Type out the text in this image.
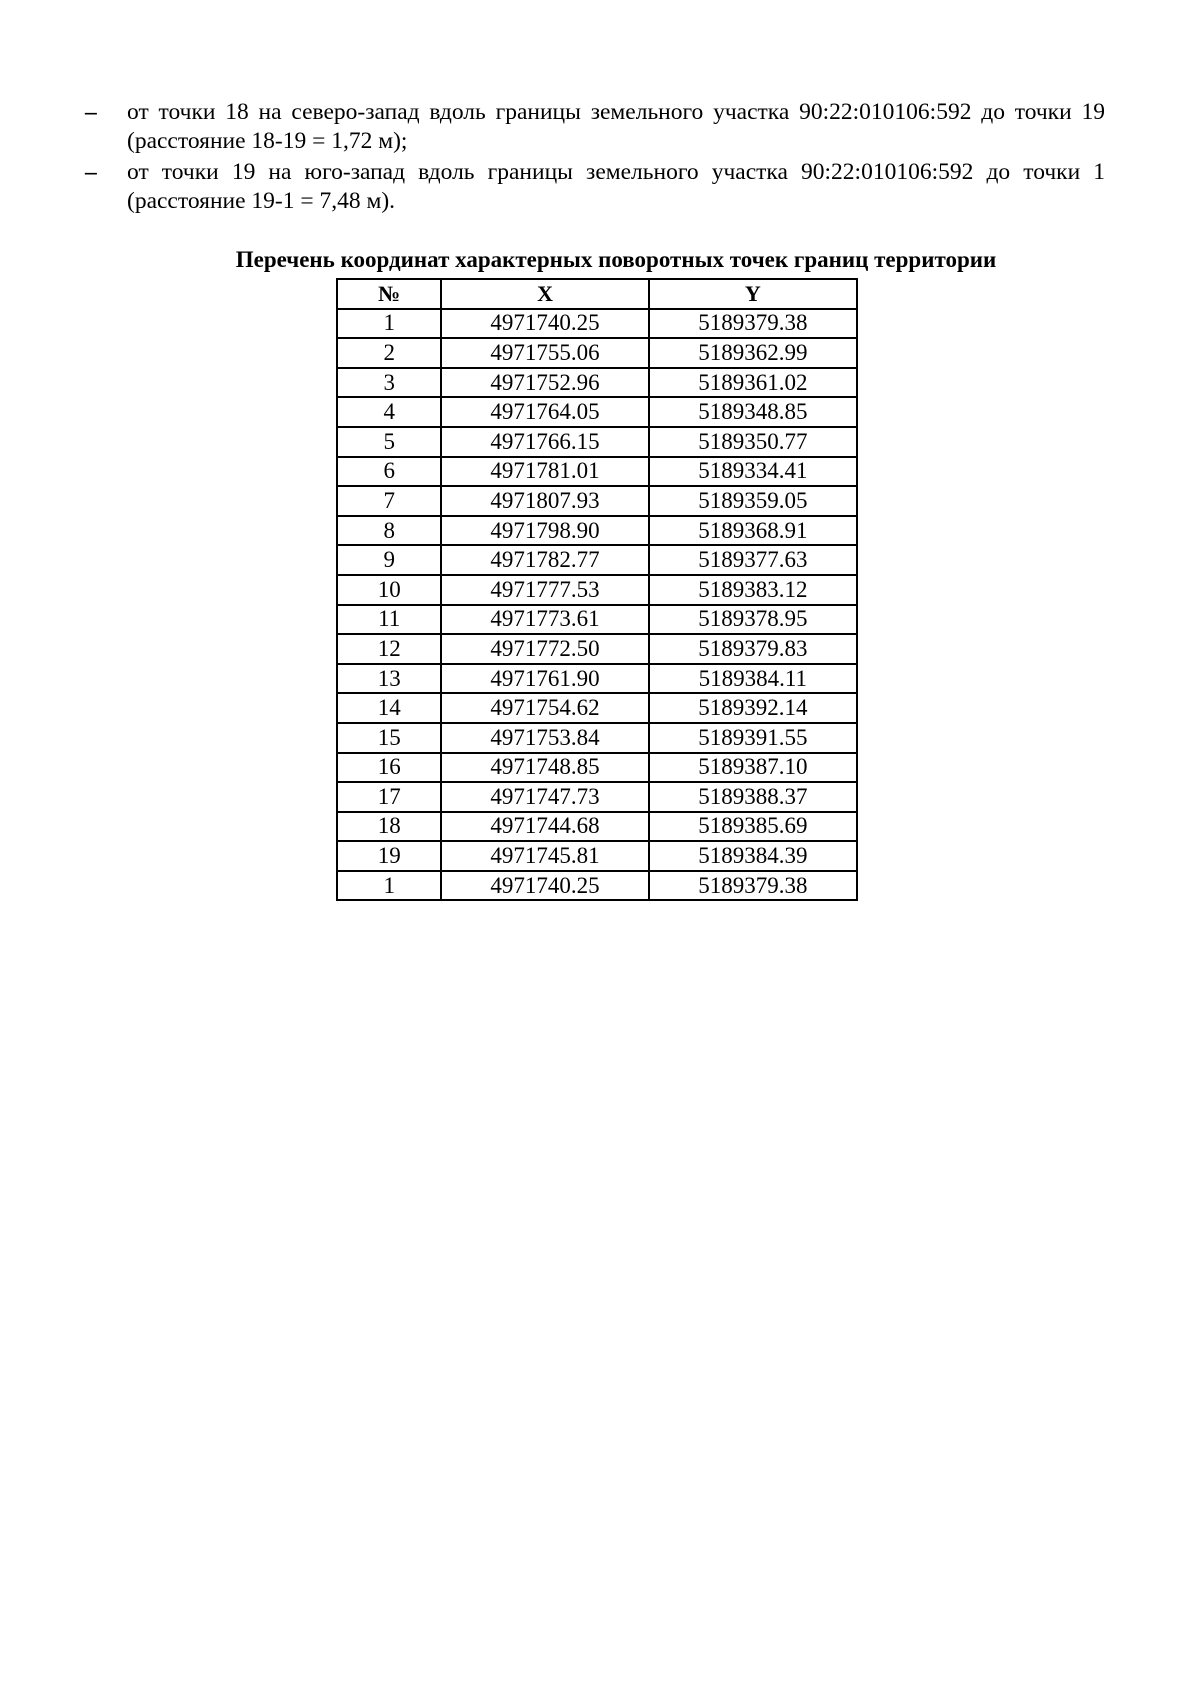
–	от точки 18 на северо-запад вдоль границы земельного участка 90:22:010106:592 до точки 19 (расстояние 18-19 = 1,72 м);
–	от точки 19 на юго-запад вдоль границы земельного участка 90:22:010106:592 до точки 1 (расстояние 19-1 = 7,48 м).
Перечень координат характерных поворотных точек границ территории
№	X	Y
1	4971740.25	5189379.38
2	4971755.06	5189362.99
3	4971752.96	5189361.02
4	4971764.05	5189348.85
5	4971766.15	5189350.77
6	4971781.01	5189334.41
7	4971807.93	5189359.05
8	4971798.90	5189368.91
9	4971782.77	5189377.63
10	4971777.53	5189383.12
11	4971773.61	5189378.95
12	4971772.50	5189379.83
13	4971761.90	5189384.11
14	4971754.62	5189392.14
15	4971753.84	5189391.55
16	4971748.85	5189387.10
17	4971747.73	5189388.37
18	4971744.68	5189385.69
19	4971745.81	5189384.39
1	4971740.25	5189379.38
